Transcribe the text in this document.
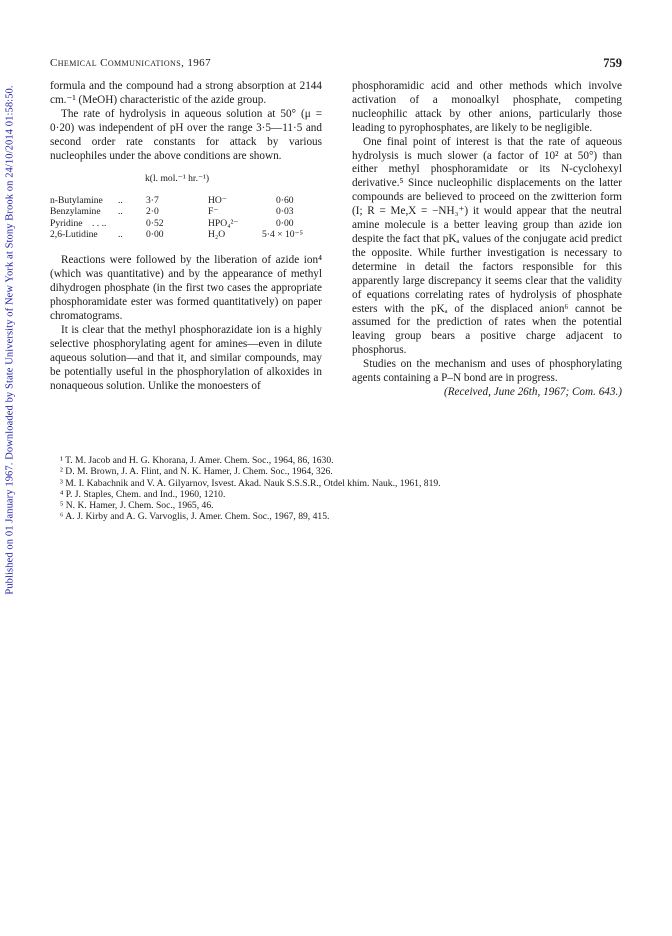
Published on 01 January 1967. Downloaded by State University of New York at Stony Brook on 24/10/2014 01:58:50.
Chemical Communications, 1967	759

formula and the compound had a strong absorption at 2144 cm.⁻¹ (MeOH) characteristic of the azide group.

The rate of hydrolysis in aqueous solution at 50° (μ = 0·20) was independent of pH over the range 3·5—11·5 and second order rate constants for attack by various nucleophiles under the above conditions are shown.

k(l. mol.⁻¹ hr.⁻¹)
n-Butylamine .. 3·7	HO⁻	0·60
Benzylamine .. 2·0	F⁻	0·03
Pyridine . . ..	0·52	HPO₄²⁻	0·00
2,6-Lutidine .. 0·00	H₂O	5·4 × 10⁻⁵

Reactions were followed by the liberation of azide ion⁴ (which was quantitative) and by the appearance of methyl dihydrogen phosphate (in the first two cases the appropriate phosphoramidate ester was formed quantitatively) on paper chromatograms.

It is clear that the methyl phosphorazidate ion is a highly selective phosphorylating agent for amines—even in dilute aqueous solution—and that it, and similar compounds, may be potentially useful in the phosphorylation of alkoxides in nonaqueous solution. Unlike the monoesters of

phosphoramidic acid and other methods which involve activation of a monoalkyl phosphate, competing nucleophilic attack by other anions, particularly those leading to pyrophosphates, are likely to be negligible.

One final point of interest is that the rate of aqueous hydrolysis is much slower (a factor of 10² at 50°) than either methyl phosphoramidate or its N-cyclohexyl derivative.⁵ Since nucleophilic displacements on the latter compounds are believed to proceed on the zwitterion form (I; R = Me,X = −NH₃⁺) it would appear that the neutral amine molecule is a better leaving group than azide ion despite the fact that pKₐ values of the conjugate acid predict the opposite. While further investigation is necessary to determine in detail the factors responsible for this apparently large discrepancy it seems clear that the validity of equations correlating rates of hydrolysis of phosphate esters with the pKₐ of the displaced anion⁶ cannot be assumed for the prediction of rates when the potential leaving group bears a positive charge adjacent to phosphorus.

Studies on the mechanism and uses of phosphorylating agents containing a P–N bond are in progress.

(Received, June 26th, 1967; Com. 643.)

¹ T. M. Jacob and H. G. Khorana, J. Amer. Chem. Soc., 1964, 86, 1630.
² D. M. Brown, J. A. Flint, and N. K. Hamer, J. Chem. Soc., 1964, 326.
³ M. I. Kabachnik and V. A. Gilyarnov, Isvest. Akad. Nauk S.S.S.R., Otdel khim. Nauk., 1961, 819.
⁴ P. J. Staples, Chem. and Ind., 1960, 1210.
⁵ N. K. Hamer, J. Chem. Soc., 1965, 46.
⁶ A. J. Kirby and A. G. Varvoglis, J. Amer. Chem. Soc., 1967, 89, 415.
